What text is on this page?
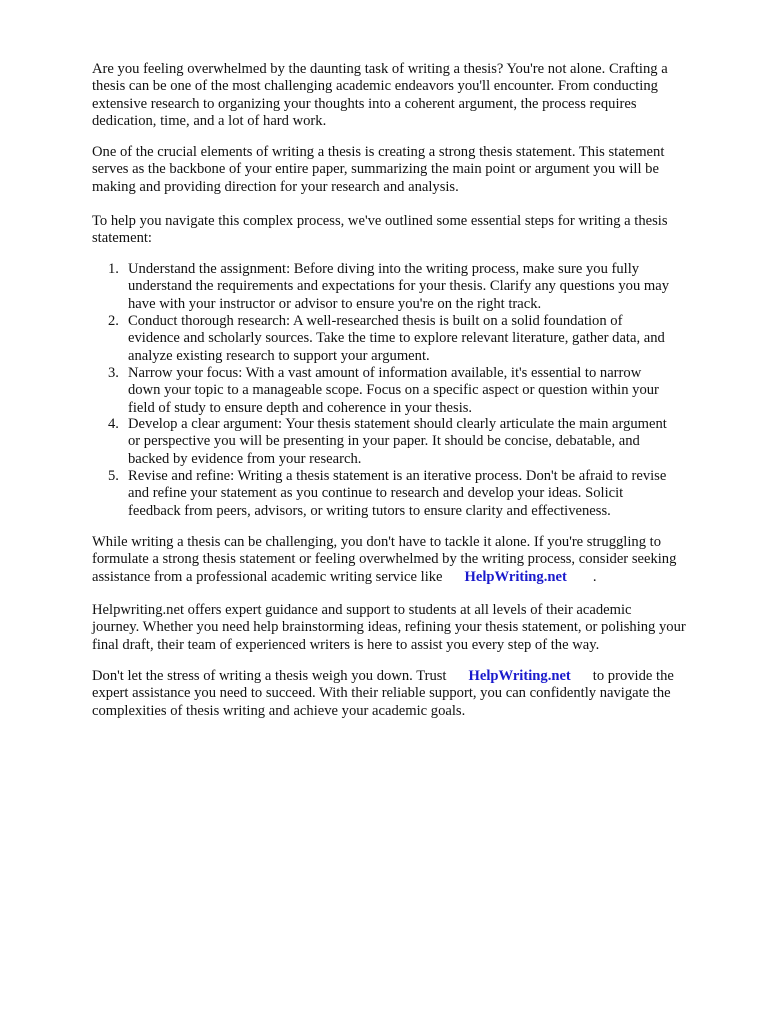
Are you feeling overwhelmed by the daunting task of writing a thesis? You're not alone. Crafting a
thesis can be one of the most challenging academic endeavors you'll encounter. From conducting
extensive research to organizing your thoughts into a coherent argument, the process requires
dedication, time, and a lot of hard work.
One of the crucial elements of writing a thesis is creating a strong thesis statement. This statement
serves as the backbone of your entire paper, summarizing the main point or argument you will be
making and providing direction for your research and analysis.
To help you navigate this complex process, we've outlined some essential steps for writing a thesis
statement:
1. Understand the assignment: Before diving into the writing process, make sure you fully
understand the requirements and expectations for your thesis. Clarify any questions you may
have with your instructor or advisor to ensure you're on the right track.
2. Conduct thorough research: A well-researched thesis is built on a solid foundation of
evidence and scholarly sources. Take the time to explore relevant literature, gather data, and
analyze existing research to support your argument.
3. Narrow your focus: With a vast amount of information available, it's essential to narrow
down your topic to a manageable scope. Focus on a specific aspect or question within your
field of study to ensure depth and coherence in your thesis.
4. Develop a clear argument: Your thesis statement should clearly articulate the main argument
or perspective you will be presenting in your paper. It should be concise, debatable, and
backed by evidence from your research.
5. Revise and refine: Writing a thesis statement is an iterative process. Don't be afraid to revise
and refine your statement as you continue to research and develop your ideas. Solicit
feedback from peers, advisors, or writing tutors to ensure clarity and effectiveness.
While writing a thesis can be challenging, you don't have to tackle it alone. If you're struggling to
formulate a strong thesis statement or feeling overwhelmed by the writing process, consider seeking
assistance from a professional academic writing service like HelpWriting.net .
Helpwriting.net offers expert guidance and support to students at all levels of their academic
journey. Whether you need help brainstorming ideas, refining your thesis statement, or polishing your
final draft, their team of experienced writers is here to assist you every step of the way.
Don't let the stress of writing a thesis weigh you down. Trust HelpWriting.net to provide the
expert assistance you need to succeed. With their reliable support, you can confidently navigate the
complexities of thesis writing and achieve your academic goals.
